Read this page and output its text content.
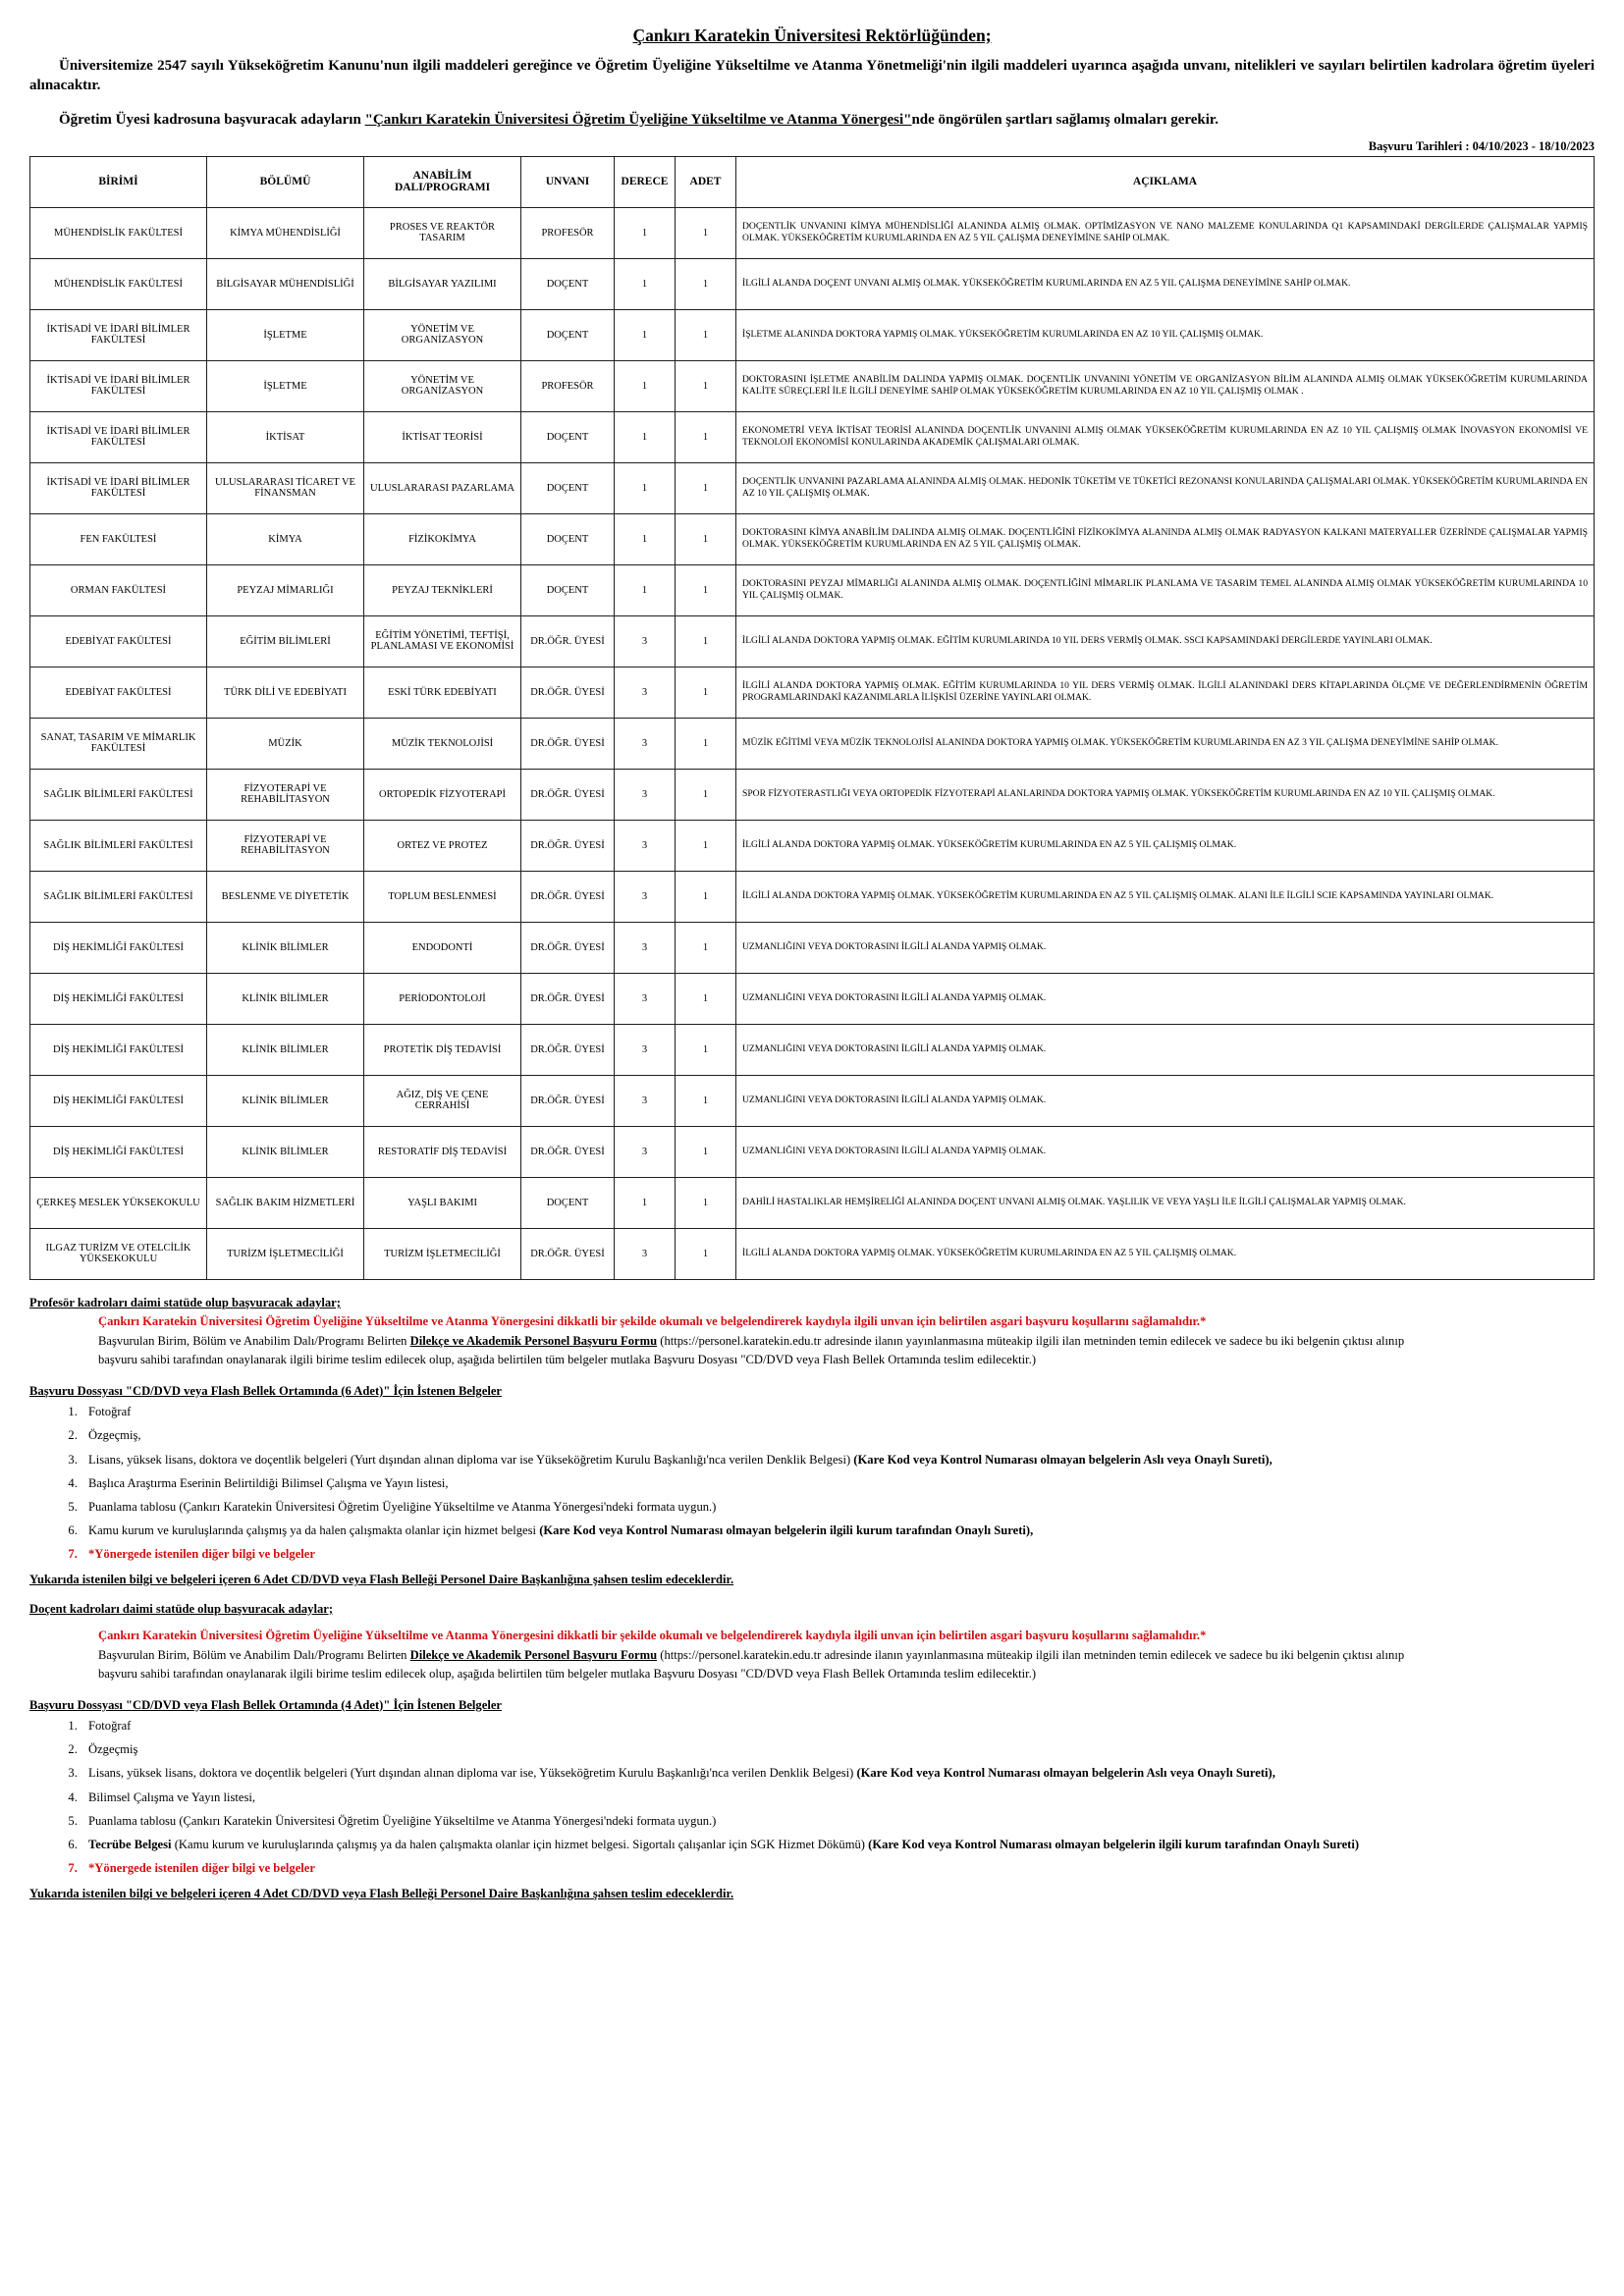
Çankırı Karatekin Üniversitesi Rektörlüğünden;
Üniversitemize 2547 sayılı Yükseköğretim Kanunu'nun ilgili maddeleri gereğince ve Öğretim Üyeliğine Yükseltilme ve Atanma Yönetmeliği'nin ilgili maddeleri uyarınca aşağıda unvanı, nitelikleri ve sayıları belirtilen kadrolara öğretim üyeleri alınacaktır.
Öğretim Üyesi kadrosuna başvuracak adayların "Çankırı Karatekin Üniversitesi Öğretim Üyeliğine Yükseltilme ve Atanma Yönergesi"nde öngörülen şartları sağlamış olmaları gerekir.
Başvuru Tarihleri : 04/10/2023 - 18/10/2023
BİRİMİ	BÖLÜMÜ	ANABİLİM DALI/PROGRAMI	UNVANI	DERECE	ADET	AÇIKLAMA
MÜHENDİSLİK FAKÜLTESİ	KİMYA MÜHENDİSLİĞİ	PROSES VE REAKTÖR TASARIM	PROFESÖR	1	1	DOÇENTLİK UNVANINI KİMYA MÜHENDİSLİĞİ ALANINDA ALMIŞ OLMAK. OPTİMİZASYON VE NANO MALZEME KONULARINDA Q1 KAPSAMINDAKİ DERGİLERDE ÇALIŞMALAR YAPMIŞ OLMAK. YÜKSEKÖĞRETİM KURUMLARINDA EN AZ 5 YIL ÇALIŞMA DENEYİMİNE SAHİP OLMAK.
MÜHENDİSLİK FAKÜLTESİ	BİLGİSAYAR MÜHENDİSLİĞİ	BİLGİSAYAR YAZILIMI	DOÇENT	1	1	İLGİLİ ALANDA DOÇENT UNVANI ALMIŞ OLMAK. YÜKSEKÖĞRETİM KURUMLARINDA EN AZ 5 YIL ÇALIŞMA DENEYİMİNE SAHİP OLMAK.
İKTİSADİ VE İDARİ BİLİMLER FAKÜLTESİ	İŞLETME	YÖNETİM VE ORGANİZASYON	DOÇENT	1	1	İŞLETME ALANINDA DOKTORA YAPMIŞ OLMAK. YÜKSEKÖĞRETİM KURUMLARINDA EN AZ 10 YIL ÇALIŞMIŞ OLMAK.
İKTİSADİ VE İDARİ BİLİMLER FAKÜLTESİ	İŞLETME	YÖNETİM VE ORGANİZASYON	PROFESÖR	1	1	DOKTORASINI İŞLETME ANABİLİM DALINDA YAPMIŞ OLMAK. DOÇENTLİK UNVANINI YÖNETİM VE ORGANİZASYON BİLİM ALANINDA ALMIŞ OLMAK YÜKSEKÖĞRETİM KURUMLARINDA KALİTE SÜREÇLERİ İLE İLGİLİ DENEYİME SAHİP OLMAK YÜKSEKÖĞRETİM KURUMLARINDA EN AZ 10 YIL ÇALIŞMIŞ OLMAK .
İKTİSADİ VE İDARİ BİLİMLER FAKÜLTESİ	İKTİSAT	İKTİSAT TEORİSİ	DOÇENT	1	1	EKONOMETRİ VEYA İKTİSAT TEORİSİ ALANINDA DOÇENTLİK UNVANINI ALMIŞ OLMAK YÜKSEKÖĞRETİM KURUMLARINDA EN AZ 10 YIL ÇALIŞMIŞ OLMAK İNOVASYON EKONOMİSİ VE TEKNOLOJİ EKONOMİSİ KONULARINDA AKADEMİK ÇALIŞMALARI OLMAK.
İKTİSADİ VE İDARİ BİLİMLER FAKÜLTESİ	ULUSLARARASI TİCARET VE FİNANSMAN	ULUSLARARASI PAZARLAMA	DOÇENT	1	1	DOÇENTLİK UNVANINI PAZARLAMA ALANINDA ALMIŞ OLMAK. HEDONİK TÜKETİM VE TÜKETİCİ REZONANSI KONULARINDA ÇALIŞMALARI OLMAK. YÜKSEKÖĞRETİM KURUMLARINDA EN AZ 10 YIL ÇALIŞMIŞ OLMAK.
FEN FAKÜLTESİ	KİMYA	FİZİKOKİMYA	DOÇENT	1	1	DOKTORASINI KİMYA ANABİLİM DALINDA ALMIŞ OLMAK. DOÇENTLİĞİNİ FİZİKOKİMYA ALANINDA ALMIŞ OLMAK RADYASYON KALKANI MATERYALLER ÜZERİNDE ÇALIŞMALAR YAPMIŞ OLMAK. YÜKSEKÖĞRETİM KURUMLARINDA EN AZ 5 YIL ÇALIŞMIŞ OLMAK.
ORMAN FAKÜLTESİ	PEYZAJ MİMARLIĞI	PEYZAJ TEKNİKLERİ	DOÇENT	1	1	DOKTORASINI PEYZAJ MİMARLIĞI ALANINDA ALMIŞ OLMAK. DOÇENTLİĞİNİ MİMARLIK PLANLAMA VE TASARIM TEMEL ALANINDA ALMIŞ OLMAK YÜKSEKÖĞRETİM KURUMLARINDA 10 YIL ÇALIŞMIŞ OLMAK.
EDEBİYAT FAKÜLTESİ	EĞİTİM BİLİMLERİ	EĞİTİM YÖNETİMİ, TEFTİŞİ, PLANLAMASI VE EKONOMİSİ	DR.ÖĞR. ÜYESİ	3	1	İLGİLİ ALANDA DOKTORA YAPMIŞ OLMAK. EĞİTİM KURUMLARINDA 10 YIL DERS VERMİŞ OLMAK. SSCI KAPSAMINDAKİ DERGİLERDE YAYINLARI OLMAK.
EDEBİYAT FAKÜLTESİ	TÜRK DİLİ VE EDEBİYATI	ESKİ TÜRK EDEBİYATI	DR.ÖĞR. ÜYESİ	3	1	İLGİLİ ALANDA DOKTORA YAPMIŞ OLMAK. EĞİTİM KURUMLARINDA 10 YIL DERS VERMİŞ OLMAK. İLGİLİ ALANINDAKİ DERS KİTAPLARINDA ÖLÇME VE DEĞERLENDİRMENİN ÖĞRETİM PROGRAMLARINDAKİ KAZANIMLARLA İLİŞKİSİ ÜZERİNE YAYINLARI OLMAK.
SANAT, TASARIM VE MİMARLIK FAKÜLTESİ	MÜZİK	MÜZİK TEKNOLOJİSİ	DR.ÖĞR. ÜYESİ	3	1	MÜZİK EĞİTİMİ VEYA MÜZİK TEKNOLOJİSİ ALANINDA DOKTORA YAPMIŞ OLMAK. YÜKSEKÖĞRETİM KURUMLARINDA EN AZ 3 YIL ÇALIŞMA DENEYİMİNE SAHİP OLMAK.
SAĞLIK BİLİMLERİ FAKÜLTESİ	FİZYOTERAPİ VE REHABİLİTASYON	ORTOPEDİK FİZYOTERAPİ	DR.ÖĞR. ÜYESİ	3	1	SPOR FİZYOTERASTLIĞI VEYA ORTOPEDİK FİZYOTERAPİ ALANLARINDA DOKTORA YAPMIŞ OLMAK. YÜKSEKÖĞRETİM KURUMLARINDA EN AZ 10 YIL ÇALIŞMIŞ OLMAK.
SAĞLIK BİLİMLERİ FAKÜLTESİ	FİZYOTERAPİ VE REHABİLİTASYON	ORTEZ VE PROTEZ	DR.ÖĞR. ÜYESİ	3	1	İLGİLİ ALANDA DOKTORA YAPMIŞ OLMAK. YÜKSEKÖĞRETİM KURUMLARINDA EN AZ 5 YIL ÇALIŞMIŞ OLMAK.
SAĞLIK BİLİMLERİ FAKÜLTESİ	BESLENME VE DİYETETİK	TOPLUM BESLENMESİ	DR.ÖĞR. ÜYESİ	3	1	İLGİLİ ALANDA DOKTORA YAPMIŞ OLMAK. YÜKSEKÖĞRETİM KURUMLARINDA EN AZ 5 YIL ÇALIŞMIŞ OLMAK. ALANI İLE İLGİLİ SCIE KAPSAMINDA YAYINLARI OLMAK.
DİŞ HEKİMLİĞİ FAKÜLTESİ	KLİNİK BİLİMLER	ENDODONTİ	DR.ÖĞR. ÜYESİ	3	1	UZMANLIĞINI VEYA DOKTORASINI İLGİLİ ALANDA YAPMIŞ OLMAK.
DİŞ HEKİMLİĞİ FAKÜLTESİ	KLİNİK BİLİMLER	PERİODONTOLOJİ	DR.ÖĞR. ÜYESİ	3	1	UZMANLIĞINI VEYA DOKTORASINI İLGİLİ ALANDA YAPMIŞ OLMAK.
DİŞ HEKİMLİĞİ FAKÜLTESİ	KLİNİK BİLİMLER	PROTETİK DİŞ TEDAVİSİ	DR.ÖĞR. ÜYESİ	3	1	UZMANLIĞINI VEYA DOKTORASINI İLGİLİ ALANDA YAPMIŞ OLMAK.
DİŞ HEKİMLİĞİ FAKÜLTESİ	KLİNİK BİLİMLER	AĞIZ, DİŞ VE ÇENE CERRAHİSİ	DR.ÖĞR. ÜYESİ	3	1	UZMANLIĞINI VEYA DOKTORASINI İLGİLİ ALANDA YAPMIŞ OLMAK.
DİŞ HEKİMLİĞİ FAKÜLTESİ	KLİNİK BİLİMLER	RESTORATİF DİŞ TEDAVİSİ	DR.ÖĞR. ÜYESİ	3	1	UZMANLIĞINI VEYA DOKTORASINI İLGİLİ ALANDA YAPMIŞ OLMAK.
ÇERKEŞ MESLEK YÜKSEKOKULU	SAĞLIK BAKIM HİZMETLERİ	YAŞLI BAKIMI	DOÇENT	1	1	DAHİLİ HASTALIKLAR HEMŞİRELİĞİ ALANINDA DOÇENT UNVANI ALMIŞ OLMAK. YAŞLILIK VE VEYA YAŞLI İLE İLGİLİ ÇALIŞMALAR YAPMIŞ OLMAK.
ILGAZ TURİZM VE OTELCİLİK YÜKSEKOKULU	TURİZM İŞLETMECİLİĞİ	TURİZM İŞLETMECİLİĞİ	DR.ÖĞR. ÜYESİ	3	1	İLGİLİ ALANDA DOKTORA YAPMIŞ OLMAK. YÜKSEKÖĞRETİM KURUMLARINDA EN AZ 5 YIL ÇALIŞMIŞ OLMAK.
Profesör kadroları daimi statüde olup başvuracak adaylar;
Çankırı Karatekin Üniversitesi Öğretim Üyeliğine Yükseltilme ve Atanma Yönergesini dikkatli bir şekilde okumalı ve belgelendirerek kaydıyla ilgili unvan için belirtilen asgari başvuru koşullarını sağlamalıdır.*
Başvurulan Birim, Bölüm ve Anabilim Dalı/Programı Belirten Dilekçe ve Akademik Personel Başvuru Formu (https://personel.karatekin.edu.tr adresinde ilanın yayınlanmasına müteakip ilgili ilan metninden temin edilecek ve sadece bu iki belgenin çıktısı alınıp
başvuru sahibi tarafından onaylanarak ilgili birime teslim edilecek olup, aşağıda belirtilen tüm belgeler mutlaka Başvuru Dosyası "CD/DVD veya Flash Bellek Ortamında teslim edilecektir.)
Başvuru Dossyası "CD/DVD veya Flash Bellek Ortamında (6 Adet)" İçin İstenen Belgeler
1. Fotoğraf
2. Özgeçmiş,
3. Lisans, yüksek lisans, doktora ve doçentlik belgeleri (Yurt dışından alınan diploma var ise Yükseköğretim Kurulu Başkanlığı'nca verilen Denklik Belgesi) (Kare Kod veya Kontrol Numarası olmayan belgelerin Aslı veya Onaylı Sureti),
4. Başlıca Araştırma Eserinin Belirtildiği Bilimsel Çalışma ve Yayın listesi,
5. Puanlama tablosu (Çankırı Karatekin Üniversitesi Öğretim Üyeliğine Yükseltilme ve Atanma Yönergesi'ndeki formata uygun.)
6. Kamu kurum ve kuruluşlarında çalışmış ya da halen çalışmakta olanlar için hizmet belgesi (Kare Kod veya Kontrol Numarası olmayan belgelerin ilgili kurum tarafından Onaylı Sureti),
7. *Yönergede istenilen diğer bilgi ve belgeler
Yukarıda istenilen bilgi ve belgeleri içeren 6 Adet CD/DVD veya Flash Belleği Personel Daire Başkanlığına şahsen teslim edeceklerdir.
Doçent kadroları daimi statüde olup başvuracak adaylar;
Çankırı Karatekin Üniversitesi Öğretim Üyeliğine Yükseltilme ve Atanma Yönergesini dikkatli bir şekilde okumalı ve belgelendirerek kaydıyla ilgili unvan için belirtilen asgari başvuru koşullarını sağlamalıdır.*
Başvurulan Birim, Bölüm ve Anabilim Dalı/Programı Belirten Dilekçe ve Akademik Personel Başvuru Formu (https://personel.karatekin.edu.tr adresinde ilanın yayınlanmasına müteakip ilgili ilan metninden temin edilecek ve sadece bu iki belgenin çıktısı alınıp
başvuru sahibi tarafından onaylanarak ilgili birime teslim edilecek olup, aşağıda belirtilen tüm belgeler mutlaka Başvuru Dosyası "CD/DVD veya Flash Bellek Ortamında teslim edilecektir.)
Başvuru Dossyası "CD/DVD veya Flash Bellek Ortamında (4 Adet)" İçin İstenen Belgeler
1. Fotoğraf
2. Özgeçmiş
3. Lisans, yüksek lisans, doktora ve doçentlik belgeleri (Yurt dışından alınan diploma var ise, Yükseköğretim Kurulu Başkanlığı'nca verilen Denklik Belgesi) (Kare Kod veya Kontrol Numarası olmayan belgelerin Aslı veya Onaylı Sureti),
4. Bilimsel Çalışma ve Yayın listesi,
5. Puanlama tablosu (Çankırı Karatekin Üniversitesi Öğretim Üyeliğine Yükseltilme ve Atanma Yönergesi'ndeki formata uygun.)
6. Tecrübe Belgesi (Kamu kurum ve kuruluşlarında çalışmış ya da halen çalışmakta olanlar için hizmet belgesi. Sigortalı çalışanlar için SGK Hizmet Dökümü) (Kare Kod veya Kontrol Numarası olmayan belgelerin ilgili kurum tarafından Onaylı Sureti)
7. *Yönergede istenilen diğer bilgi ve belgeler
Yukarıda istenilen bilgi ve belgeleri içeren 4 Adet CD/DVD veya Flash Belleği Personel Daire Başkanlığına şahsen teslim edeceklerdir.
